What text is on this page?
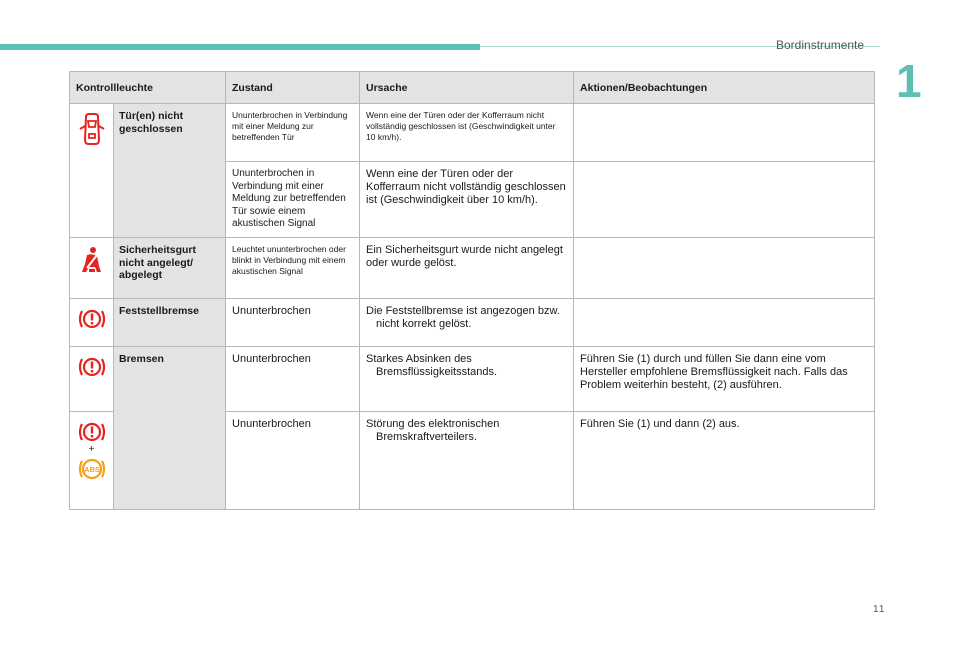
Bordinstrumente
1
Kontrollleuchte		Zustand	Ursache	Aktionen/Beobachtungen

	Tür(en) nicht geschlossen	Ununterbrochen in Verbindung mit einer Meldung zur betreffenden Tür	Wenn eine der Türen oder der Kofferraum nicht vollständig geschlossen ist (Geschwindigkeit unter 10 km/h).	
		Ununterbrochen in Verbindung mit einer Meldung zur betreffenden Tür sowie einem akustischen Signal	Wenn eine der Türen oder der Kofferraum nicht vollständig geschlossen ist (Geschwindigkeit über 10 km/h).	

	Sicherheitsgurt nicht angelegt/ abgelegt	Leuchtet ununterbrochen oder blinkt in Verbindung mit einem akustischen Signal	Ein Sicherheitsgurt wurde nicht angelegt oder wurde gelöst.	

	Feststellbremse	Ununterbrochen	Die Feststellbremse ist angezogen bzw. nicht korrekt gelöst.	

	Bremsen	Ununterbrochen	Starkes Absinken des Bremsflüssigkeitsstands.	Führen Sie (1) durch und füllen Sie dann eine vom Hersteller empfohlene Bremsflüssigkeit nach. Falls das Problem weiterhin besteht, (2) ausführen.

+
ABS		Ununterbrochen	Störung des elektronischen Bremskraftverteilers.	Führen Sie (1) und dann (2) aus.
11
